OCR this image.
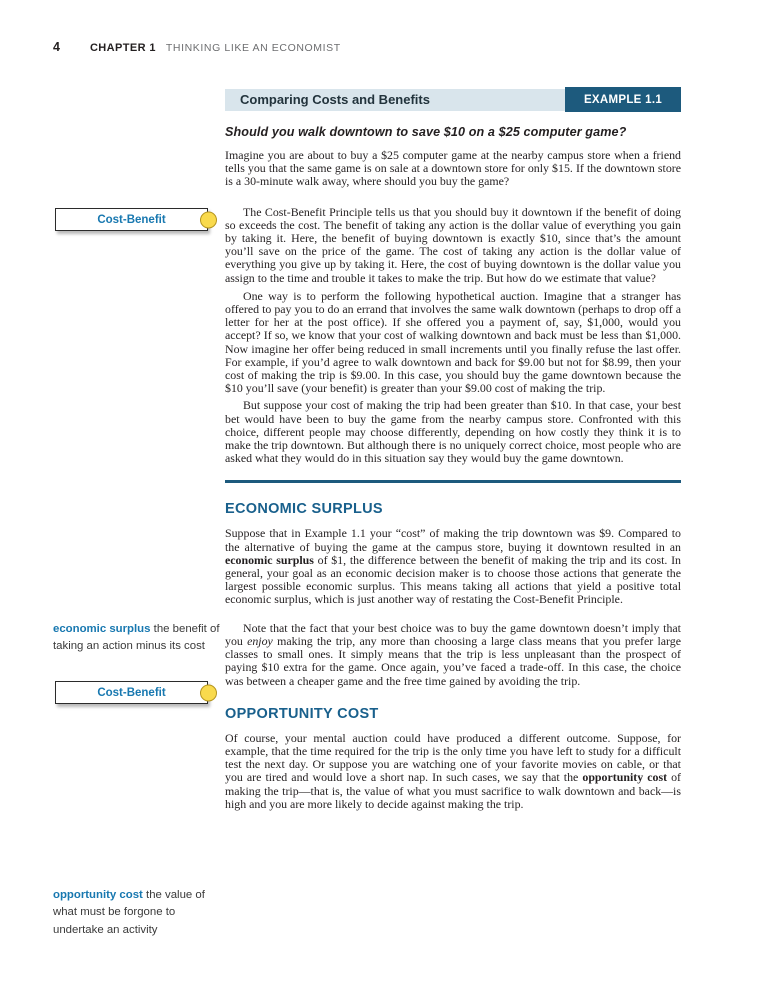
4	CHAPTER 1 THINKING LIKE AN ECONOMIST
Cost-Benefit
economic surplus the benefit of taking an action minus its cost
Cost-Benefit
opportunity cost the value of what must be forgone to undertake an activity
Comparing Costs and Benefits	EXAMPLE 1.1
Should you walk downtown to save $10 on a $25 computer game?

Imagine you are about to buy a $25 computer game at the nearby campus store when a friend tells you that the same game is on sale at a downtown store for only $15. If the downtown store is a 30-minute walk away, where should you buy the game?

The Cost-Benefit Principle tells us that you should buy it downtown if the benefit of doing so exceeds the cost. The benefit of taking any action is the dollar value of everything you gain by taking it. Here, the benefit of buying downtown is exactly $10, since that’s the amount you’ll save on the price of the game. The cost of taking any action is the dollar value of everything you give up by taking it. Here, the cost of buying downtown is the dollar value you assign to the time and trouble it takes to make the trip. But how do we estimate that value?

One way is to perform the following hypothetical auction. Imagine that a stranger has offered to pay you to do an errand that involves the same walk downtown (perhaps to drop off a letter for her at the post office). If she offered you a payment of, say, $1,000, would you accept? If so, we know that your cost of walking downtown and back must be less than $1,000. Now imagine her offer being reduced in small increments until you finally refuse the last offer. For example, if you’d agree to walk downtown and back for $9.00 but not for $8.99, then your cost of making the trip is $9.00. In this case, you should buy the game downtown because the $10 you’ll save (your benefit) is greater than your $9.00 cost of making the trip.

But suppose your cost of making the trip had been greater than $10. In that case, your best bet would have been to buy the game from the nearby campus store. Confronted with this choice, different people may choose differently, depending on how costly they think it is to make the trip downtown. But although there is no uniquely correct choice, most people who are asked what they would do in this situation say they would buy the game downtown.

ECONOMIC SURPLUS

Suppose that in Example 1.1 your “cost” of making the trip downtown was $9. Compared to the alternative of buying the game at the campus store, buying it downtown resulted in an economic surplus of $1, the difference between the benefit of making the trip and its cost. In general, your goal as an economic decision maker is to choose those actions that generate the largest possible economic surplus. This means taking all actions that yield a positive total economic surplus, which is just another way of restating the Cost-Benefit Principle.

Note that the fact that your best choice was to buy the game downtown doesn’t imply that you enjoy making the trip, any more than choosing a large class means that you prefer large classes to small ones. It simply means that the trip is less unpleasant than the prospect of paying $10 extra for the game. Once again, you’ve faced a trade-off. In this case, the choice was between a cheaper game and the free time gained by avoiding the trip.

OPPORTUNITY COST

Of course, your mental auction could have produced a different outcome. Suppose, for example, that the time required for the trip is the only time you have left to study for a difficult test the next day. Or suppose you are watching one of your favorite movies on cable, or that you are tired and would love a short nap. In such cases, we say that the opportunity cost of making the trip—that is, the value of what you must sacrifice to walk downtown and back—is high and you are more likely to decide against making the trip.
